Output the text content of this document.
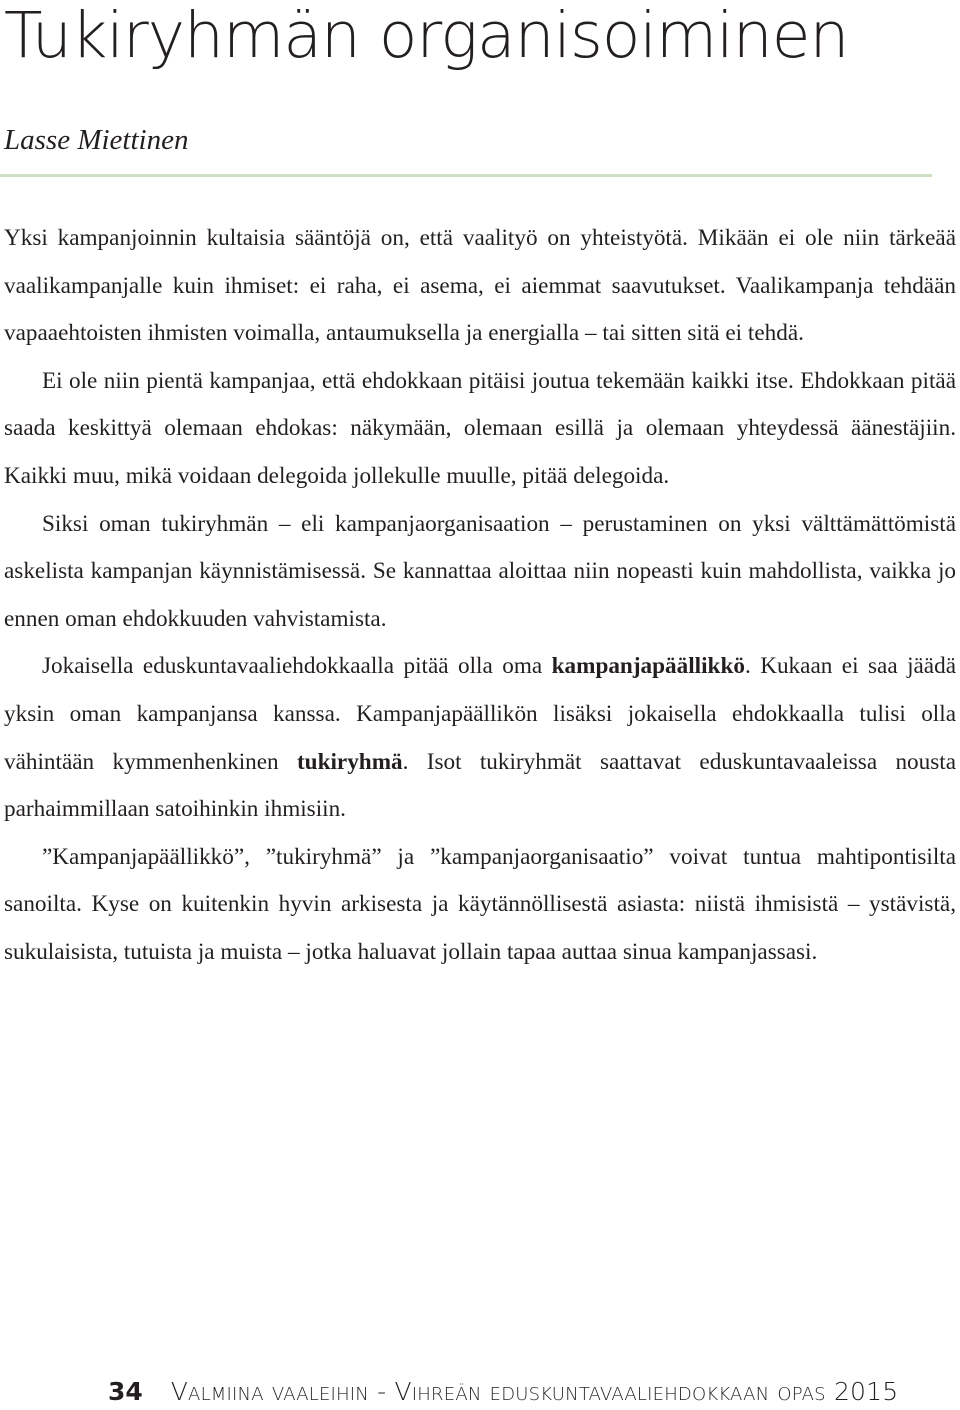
Tukiryhmän organisoiminen
Lasse Miettinen

Yksi kampanjoinnin kultaisia sääntöjä on, että vaalityö on yhteistyötä. Mikään ei ole niin tärkeää vaalikampanjalle kuin ihmiset: ei raha, ei asema, ei aiemmat saavutukset. Vaalikampanja tehdään vapaaehtoisten ihmisten voimalla, antaumuksella ja energialla – tai sitten sitä ei tehdä.

Ei ole niin pientä kampanjaa, että ehdokkaan pitäisi joutua tekemään kaikki itse. Ehdokkaan pitää saada keskittyä olemaan ehdokas: näkymään, olemaan esillä ja olemaan yhteydessä äänestäjiin. Kaikki muu, mikä voidaan delegoida jollekulle muulle, pitää delegoida.

Siksi oman tukiryhmän – eli kampanjaorganisaation – perustaminen on yksi välttämättömistä askelista kampanjan käynnistämisessä. Se kannattaa aloittaa niin nopeasti kuin mahdollista, vaikka jo ennen oman ehdokkuuden vahvistamista.

Jokaisella eduskuntavaaliehdokkaalla pitää olla oma kampanjapäällikkö. Kukaan ei saa jäädä yksin oman kampanjansa kanssa. Kampanjapäällikön lisäksi jokaisella ehdokkaalla tulisi olla vähintään kymmenhenkinen tukiryhmä. Isot tukiryhmät saattavat eduskuntavaaleissa nousta parhaimmillaan satoihinkin ihmisiin.

”Kampanjapäällikkö”, ”tukiryhmä” ja ”kampanjaorganisaatio” voivat tuntua mahtipontisilta sanoilta. Kyse on kuitenkin hyvin arkisesta ja käytännöllisestä asiasta: niistä ihmisistä – ystävistä, sukulaisista, tutuista ja muista – jotka haluavat jollain tapaa auttaa sinua kampanjassasi.

34 Valmiina vaaleihin - Vihreän eduskuntavaaliehdokkaan opas 2015
